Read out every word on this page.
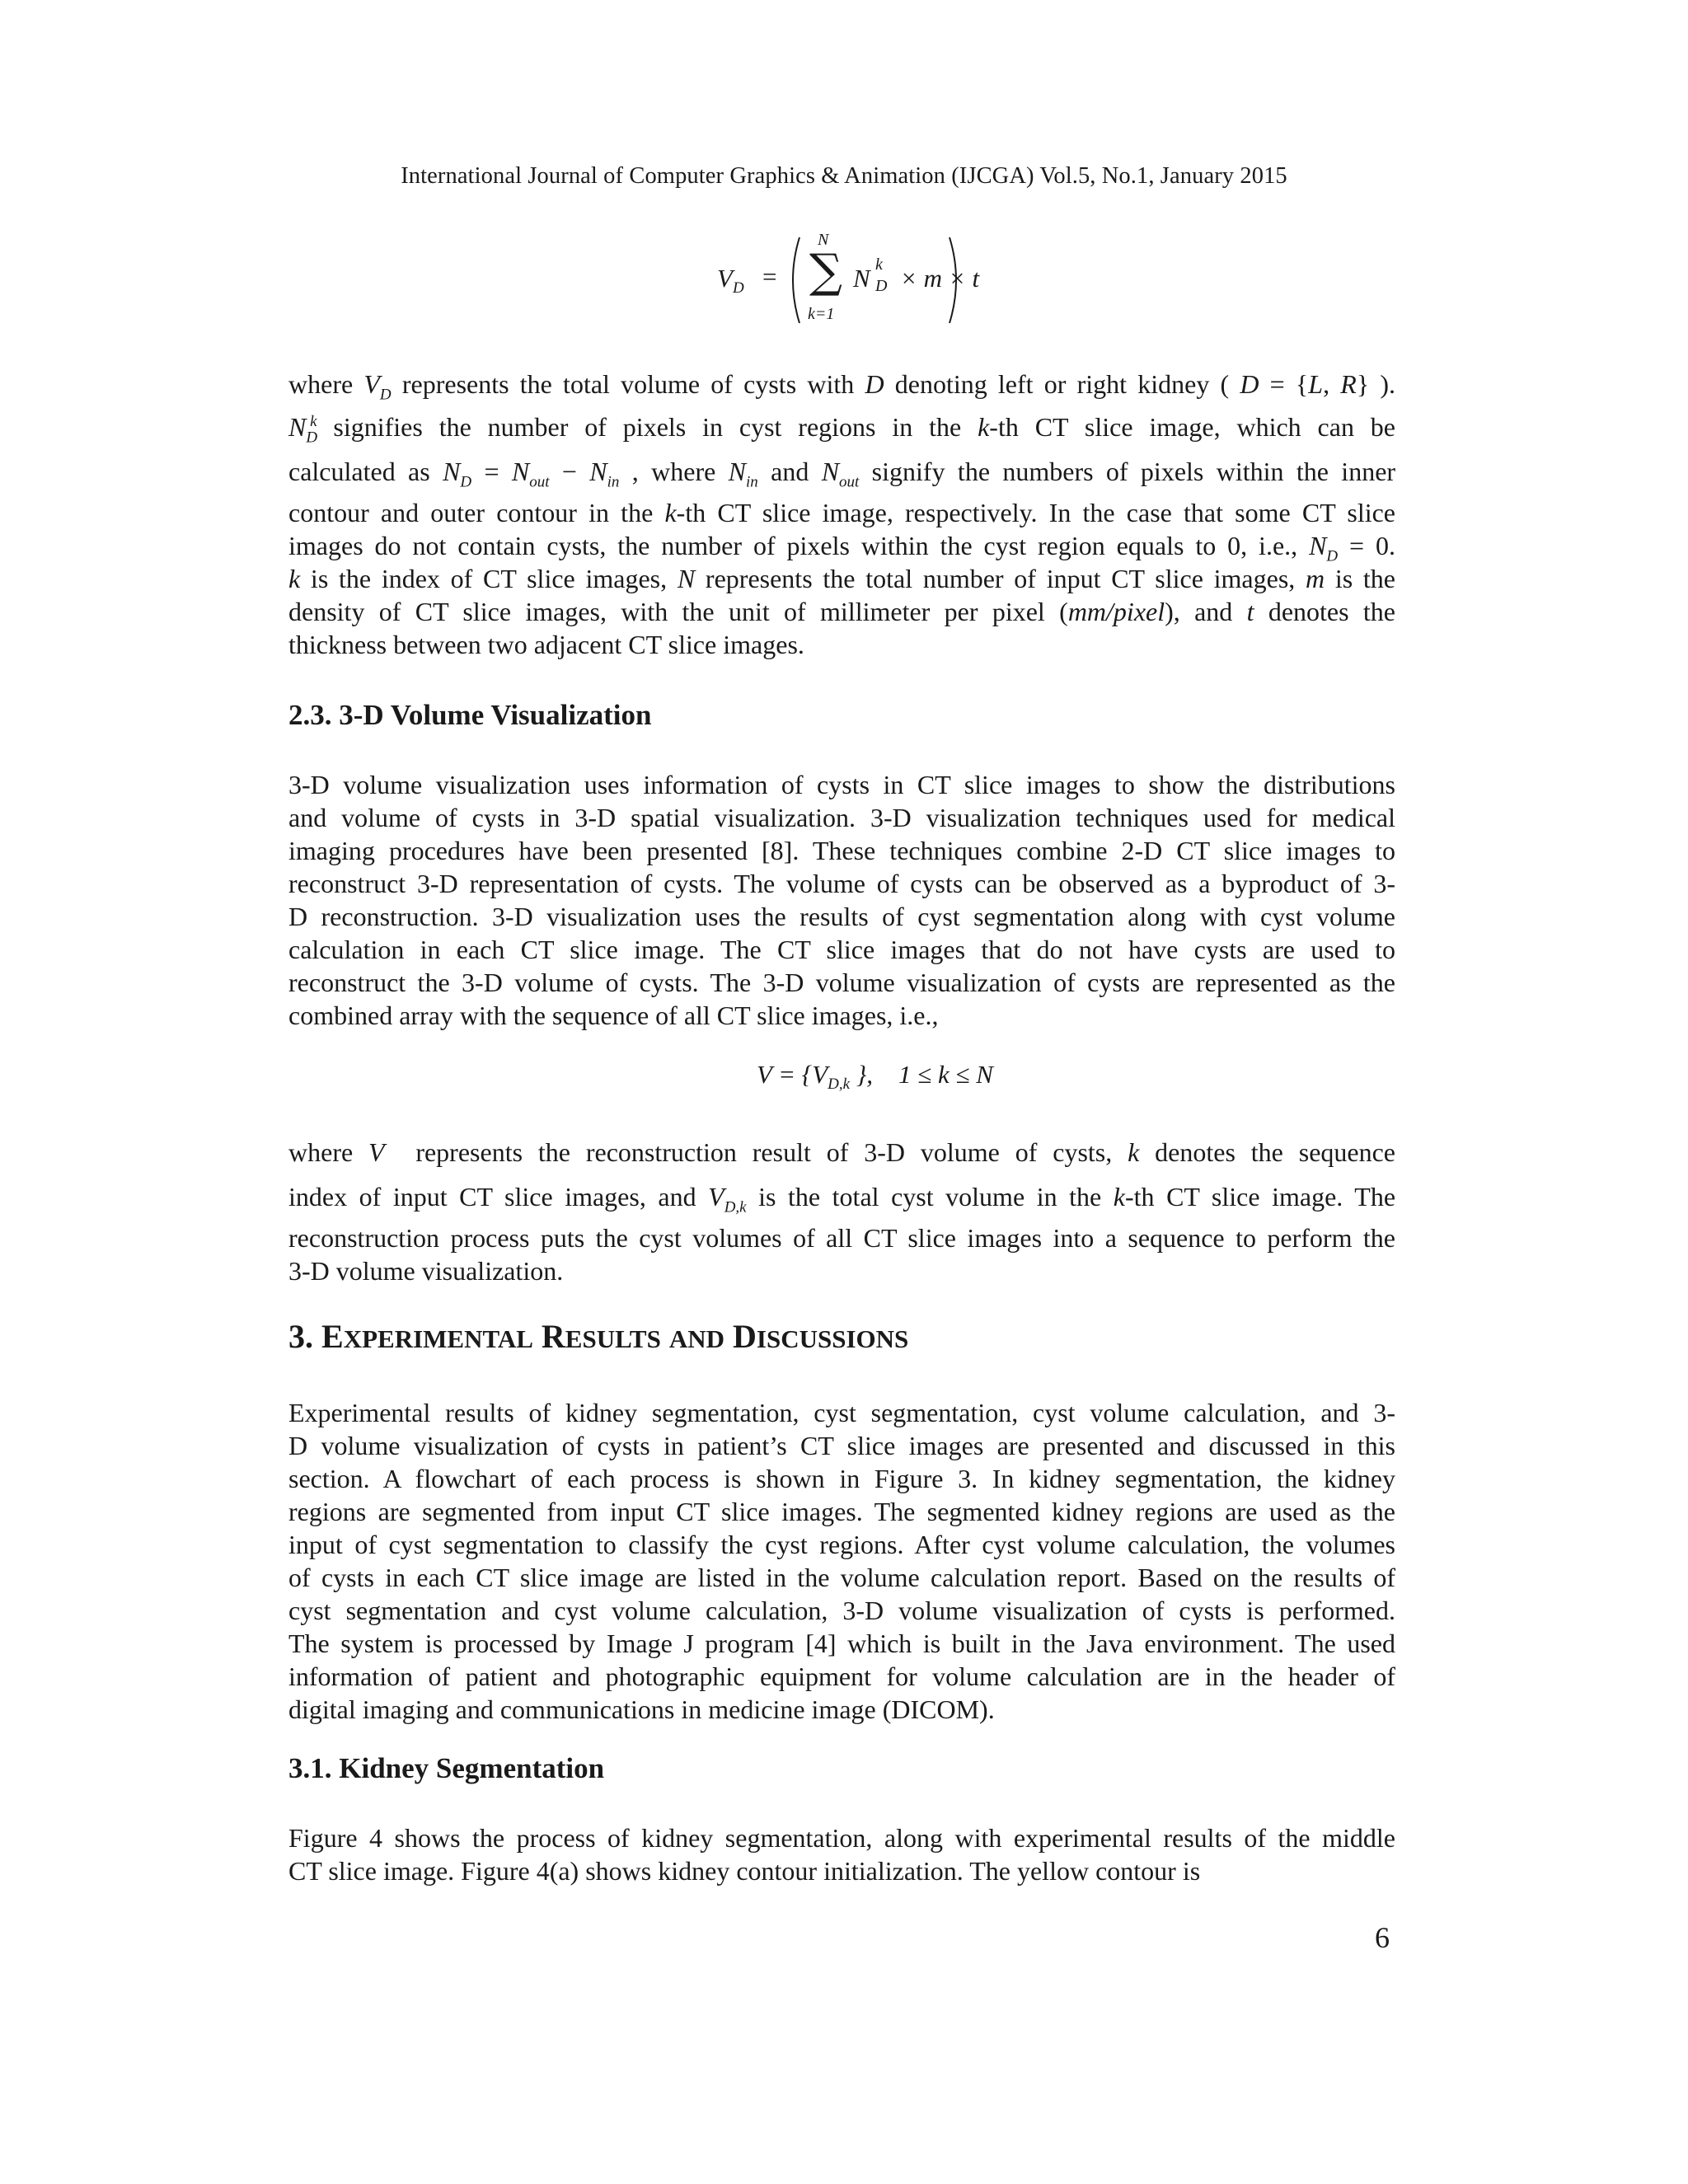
International Journal of Computer Graphics & Animation (IJCGA) Vol.5, No.1, January 2015
$V_D$ = ∑
N
k=1
N k
D × m × t
where $V_D$ represents the total volume of cysts with D denoting left or right kidney ( D = {L, R} ).
$N_D^k$ signifies the number of pixels in cyst regions in the k-th CT slice image, which can be
calculated as $N_D = N_{out} - N_{in}$ , where $N_{in}$ and $N_{out}$ signify the numbers of pixels within the inner
contour and outer contour in the k-th CT slice image, respectively. In the case that some CT slice
images do not contain cysts, the number of pixels within the cyst region equals to 0, i.e., $N_D = 0$.
k is the index of CT slice images, N represents the total number of input CT slice images, m is the
density of CT slice images, with the unit of millimeter per pixel (mm/pixel), and t denotes the
thickness between two adjacent CT slice images.
2.3. 3-D Volume Visualization
3-D volume visualization uses information of cysts in CT slice images to show the distributions
and volume of cysts in 3-D spatial visualization. 3-D visualization techniques used for medical
imaging procedures have been presented [8]. These techniques combine 2-D CT slice images to
reconstruct 3-D representation of cysts. The volume of cysts can be observed as a byproduct of 3-
D reconstruction. 3-D visualization uses the results of cyst segmentation along with cyst volume
calculation in each CT slice image. The CT slice images that do not have cysts are used to
reconstruct the 3-D volume of cysts. The 3-D volume visualization of cysts are represented as the
combined array with the sequence of all CT slice images, i.e.,
$V = \{V_{D,k}$ },    1 ≤ k ≤ N
where V  represents the reconstruction result of 3-D volume of cysts, k denotes the sequence
index of input CT slice images, and $V_{D,k}$ is the total cyst volume in the k-th CT slice image. The
reconstruction process puts the cyst volumes of all CT slice images into a sequence to perform the
3-D volume visualization.
3. EXPERIMENTAL RESULTS AND DISCUSSIONS
Experimental results of kidney segmentation, cyst segmentation, cyst volume calculation, and 3-
D volume visualization of cysts in patient’s CT slice images are presented and discussed in this
section. A flowchart of each process is shown in Figure 3. In kidney segmentation, the kidney
regions are segmented from input CT slice images. The segmented kidney regions are used as the
input of cyst segmentation to classify the cyst regions. After cyst volume calculation, the volumes
of cysts in each CT slice image are listed in the volume calculation report. Based on the results of
cyst segmentation and cyst volume calculation, 3-D volume visualization of cysts is performed.
The system is processed by Image J program [4] which is built in the Java environment. The used
information of patient and photographic equipment for volume calculation are in the header of
digital imaging and communications in medicine image (DICOM).
3.1. Kidney Segmentation
Figure 4 shows the process of kidney segmentation, along with experimental results of the middle
CT slice image. Figure 4(a) shows kidney contour initialization. The yellow contour is
6
